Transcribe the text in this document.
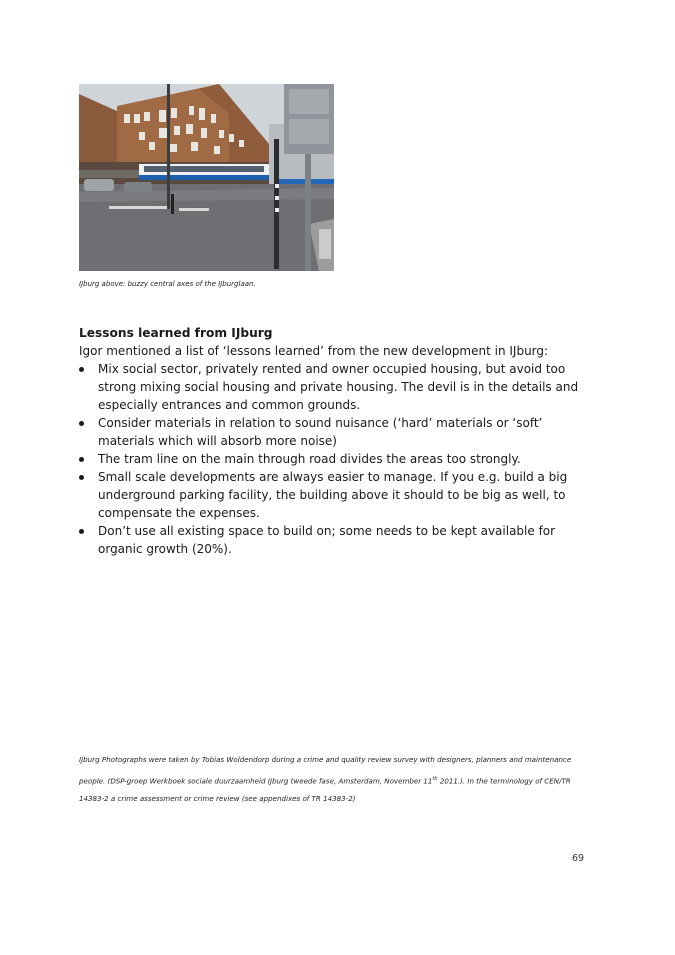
IJburg above: buzzy central axes of the IJburglaan.
Lessons learned from IJburg

Igor mentioned a list of ‘lessons learned’ from the new development in IJburg:

Mix social sector, privately rented and owner occupied housing, but avoid too strong mixing social housing and private housing. The devil is in the details and especially entrances and common grounds.
Consider materials in relation to sound nuisance (‘hard’ materials or ‘soft’ materials which will absorb more noise)
The tram line on the main through road divides the areas too strongly.
Small scale developments are always easier to manage. If you e.g. build a big underground parking facility, the building above it should to be big as well, to compensate the expenses.
Don’t use all existing space to build on; some needs to be kept available for organic growth (20%).
IJburg Photographs were taken by Tobias Woldendorp during a crime and quality review survey with designers, planners and maintenance people. (DSP-groep Werkboek sociale duurzaamheid IJburg tweede fase, Amsterdam, November 11th 2011.). In the terminology of CEN/TR 14383-2 a crime assessment or crime review (see appendixes of TR 14383-2)
69
